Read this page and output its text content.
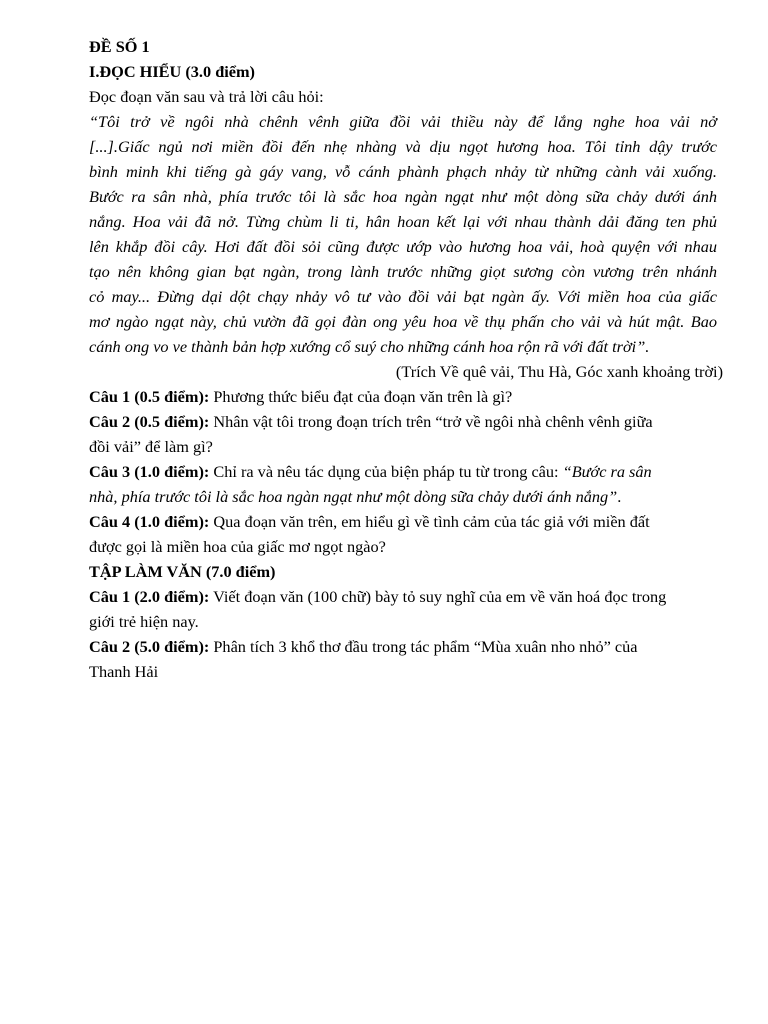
ĐỀ SỐ 1
I.ĐỌC HIỂU (3.0 điểm)
Đọc đoạn văn sau và trả lời câu hỏi:
“Tôi trở về ngôi nhà chênh vênh giữa đồi vải thiều này để lắng nghe hoa vải nở
[...].Giấc ngủ nơi miền đồi đến nhẹ nhàng và dịu ngọt hương hoa. Tôi tỉnh dậy trước
bình minh khi tiếng gà gáy vang, vỗ cánh phành phạch nhảy từ những cành vải xuống.
Bước ra sân nhà, phía trước tôi là sắc hoa ngàn ngạt như một dòng sữa chảy dưới ánh
nắng. Hoa vải đã nở. Từng chùm li ti, hân hoan kết lại với nhau thành dải đăng ten phủ
lên khắp đồi cây. Hơi đất đồi sỏi cũng được ướp vào hương hoa vải, hoà quyện với nhau
tạo nên không gian bạt ngàn, trong lành trước những giọt sương còn vương trên nhánh
cỏ may... Đừng dại dột chạy nhảy vô tư vào đồi vải bạt ngàn ấy. Với miền hoa của giấc
mơ ngào ngạt này, chủ vườn đã gọi đàn ong yêu hoa về thụ phấn cho vải và hút mật. Bao
cánh ong vo ve thành bản hợp xướng cổ suý cho những cánh hoa rộn rã với đất trời”.
(Trích Về quê vải, Thu Hà, Góc xanh khoảng trời)
Câu 1 (0.5 điểm): Phương thức biểu đạt của đoạn văn trên là gì?
Câu 2 (0.5 điểm): Nhân vật tôi trong đoạn trích trên “trở về ngôi nhà chênh vênh giữa
đồi vải” để làm gì?
Câu 3 (1.0 điểm): Chỉ ra và nêu tác dụng của biện pháp tu từ trong câu: “Bước ra sân
nhà, phía trước tôi là sắc hoa ngàn ngạt như một dòng sữa chảy dưới ánh nắng”.
Câu 4 (1.0 điểm): Qua đoạn văn trên, em hiểu gì về tình cảm của tác giả với miền đất
được gọi là miền hoa của giấc mơ ngọt ngào?
TẬP LÀM VĂN (7.0 điểm)
Câu 1 (2.0 điểm): Viết đoạn văn (100 chữ) bày tỏ suy nghĩ của em về văn hoá đọc trong
giới trẻ hiện nay.
Câu 2 (5.0 điểm): Phân tích 3 khổ thơ đầu trong tác phẩm “Mùa xuân nho nhỏ” của
Thanh Hải
